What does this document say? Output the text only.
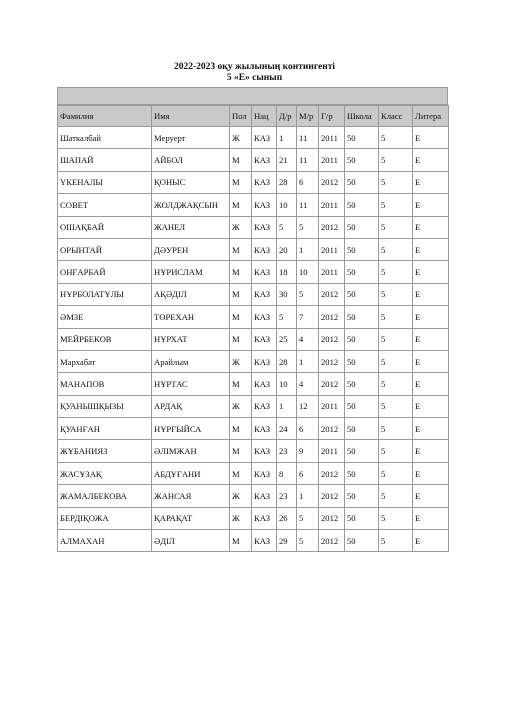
2022-2023 оқу жылының контингенті
5 «Е» сынып
Фамилия	Имя	Пол	Нац	Д/р	М/р	Г/р	Школа	Класс	Литера
Шаткалбай	Меруерт	Ж	КАЗ	1	11	2011	50	5	Е
ШАПАЙ	АЙБОЛ	М	КАЗ	21	11	2011	50	5	Е
ҮКЕНАЛЫ	ҚОНЫС	М	КАЗ	28	6	2012	50	5	Е
СОВЕТ	ЖОЛДЖАҚСЫН	М	КАЗ	10	11	2011	50	5	Е
ОШАҚБАЙ	ЖАНЕЛ	Ж	КАЗ	5	5	2012	50	5	Е
ОРЫНТАЙ	ДӘУРЕН	М	КАЗ	20	1	2011	50	5	Е
ОНҒАРБАЙ	НҰРИСЛАМ	М	КАЗ	18	10	2011	50	5	Е
НҰРБОЛАТҰЛЫ	АҚӘДІЛ	М	КАЗ	30	5	2012	50	5	Е
ӘМЗЕ	ТӨРЕХАН	М	КАЗ	5	7	2012	50	5	Е
МЕЙРБЕКОВ	НҰРХАТ	М	КАЗ	25	4	2012	50	5	Е
Мархабат	Арайлым	Ж	КАЗ	28	1	2012	50	5	Е
МАНАПОВ	НҰРТАС	М	КАЗ	10	4	2012	50	5	Е
ҚУАНЫШҚЫЗЫ	АРДАҚ	Ж	КАЗ	1	12	2011	50	5	Е
ҚУАНҒАН	НҰРҒЫЙСА	М	КАЗ	24	6	2012	50	5	Е
ЖҰБАНИЯЗ	ӘЛІМЖАН	М	КАЗ	23	9	2011	50	5	Е
ЖАСҰЗАҚ	АБДҰҒАНИ	М	КАЗ	8	6	2012	50	5	Е
ЖАМАЛБЕКОВА	ЖАНСАЯ	Ж	КАЗ	23	1	2012	50	5	Е
БЕРДІҚОЖА	ҚАРАҚАТ	Ж	КАЗ	26	5	2012	50	5	Е
АЛМАХАН	ӘДІЛ	М	КАЗ	29	5	2012	50	5	Е
